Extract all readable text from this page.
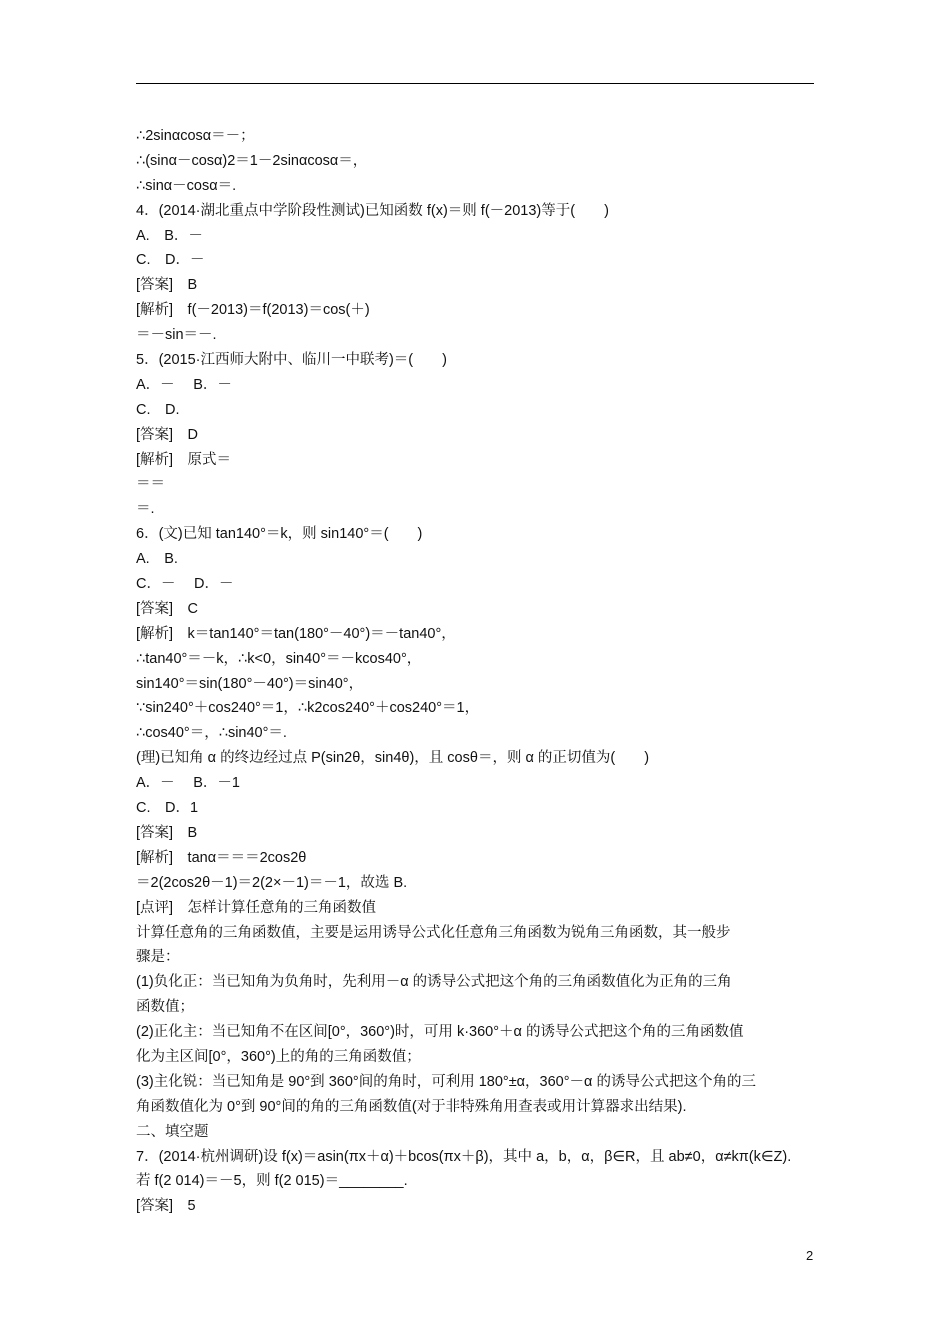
∴2sinαcosα＝－；
∴(sinα－cosα)2＝1－2sinαcosα＝，
∴sinα－cosα＝.
4．(2014·湖北重点中学阶段性测试)已知函数 f(x)＝则 f(－2013)等于(　　)
A.　B．－
C.　D．－
[答案]　B
[解析]　f(－2013)＝f(2013)＝cos(＋)
＝－sin＝－.
5．(2015·江西师大附中、临川一中联考)＝(　　)
A．－　 B．－
C.　D.
[答案]　D
[解析]　原式＝
＝＝
＝.
6．(文)已知 tan140°＝k，则 sin140°＝(　　)
A.　B.
C．－　 D．－
[答案]　C
[解析]　k＝tan140°＝tan(180°－40°)＝－tan40°，
∴tan40°＝－k，∴k<0，sin40°＝－kcos40°，
sin140°＝sin(180°－40°)＝sin40°，
∵sin240°＋cos240°＝1，∴k2cos240°＋cos240°＝1，
∴cos40°＝，∴sin40°＝.
(理)已知角 α 的终边经过点 P(sin2θ，sin4θ)，且 cosθ＝，则 α 的正切值为(　　)
A．－　 B．－1
C.　D．1
[答案]　B
[解析]　tanα＝＝＝2cos2θ
＝2(2cos2θ－1)＝2(2×－1)＝－1，故选 B.
[点评]　怎样计算任意角的三角函数值
计算任意角的三角函数值，主要是运用诱导公式化任意角三角函数为锐角三角函数，其一般步
骤是：
(1)负化正：当已知角为负角时，先利用－α 的诱导公式把这个角的三角函数值化为正角的三角
函数值；
(2)正化主：当已知角不在区间[0°，360°)时，可用 k·360°＋α 的诱导公式把这个角的三角函数值
化为主区间[0°，360°)上的角的三角函数值；
(3)主化锐：当已知角是 90°到 360°间的角时，可利用 180°±α，360°－α 的诱导公式把这个角的三
角函数值化为 0°到 90°间的角的三角函数值(对于非特殊角用查表或用计算器求出结果).
二、填空题
7．(2014·杭州调研)设 f(x)＝asin(πx＋α)＋bcos(πx＋β)，其中 a，b，α，β∈R，且 ab≠0，α≠kπ(k∈Z).
若 f(2 014)＝－5，则 f(2 015)＝________.
[答案]　5
2
